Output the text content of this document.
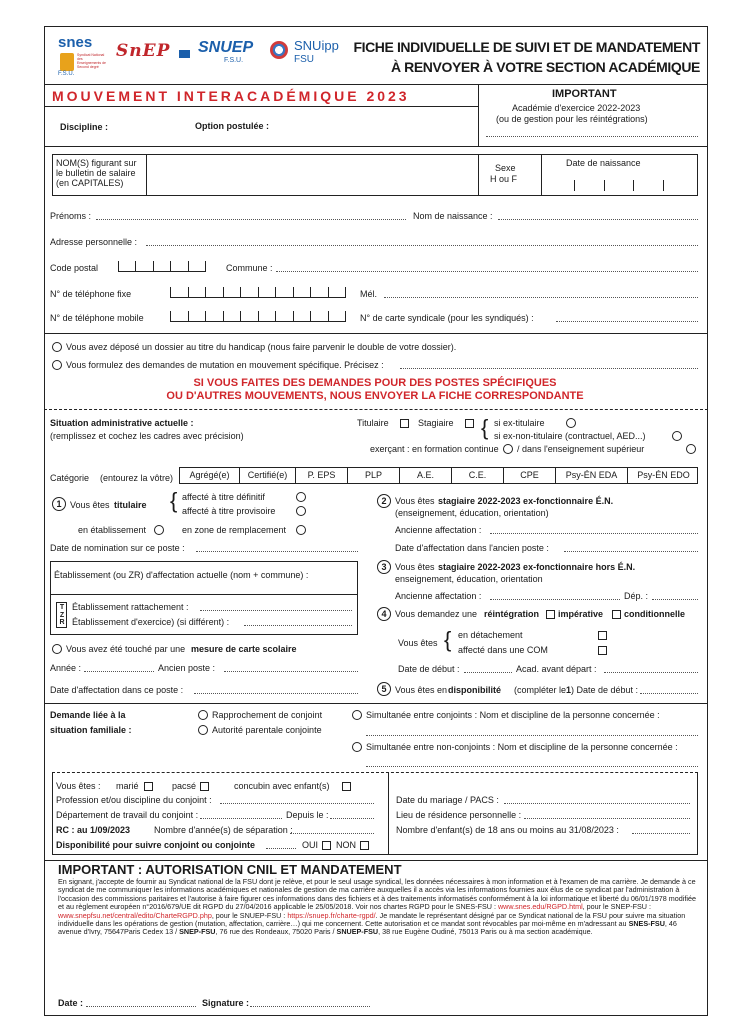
snes
F.S.U.
Syndicat National des Enseignements de Second degré
SnEP SNUEP
F.S.U.
SNUipp
FSU
FICHE INDIVIDUELLE DE SUIVI ET DE MANDATEMENT
À RENVOYER À VOTRE SECTION ACADÉMIQUE
MOUVEMENT INTERACADÉMIQUE 2023
Discipline :	Option postulée :
IMPORTANT
Académie d'exercice 2022-2023
(ou de gestion pour les réintégrations)
NOM(S) figurant sur
le bulletin de salaire
(en CAPITALES)
Sexe
H ou F
Date de naissance
Prénoms :	Nom de naissance :
Adresse personnelle :
Code postal	Commune :
N° de téléphone fixe	Mél.
N° de téléphone mobile	N° de carte syndicale (pour les syndiqués) :
Vous avez déposé un dossier au titre du handicap (nous faire parvenir le double de votre dossier).
Vous formulez des demandes de mutation en mouvement spécifique. Précisez :
SI VOUS FAITES DES DEMANDES POUR DES POSTES SPÉCIFIQUES
OU D'AUTRES MOUVEMENTS, NOUS ENVOYER LA FICHE CORRESPONDANTE
Situation administrative actuelle :
(remplissez et cochez les cadres avec précision)
Titulaire	Stagiaire { si ex-titulaire
si ex-non-titulaire (contractuel, AED...)
exerçant : en formation continue / dans l'enseignement supérieur
Catégorie (entourez la vôtre)	Agrégé(e)	Certifié(e)	P. EPS	PLP	A.E.	C.E.	CPE	Psy-ÉN EDA	Psy-ÉN EDO
1 Vous êtes titulaire { affecté à titre définitif
affecté à titre provisoire
en établissement	en zone de remplacement
Date de nomination sur ce poste :
Établissement (ou ZR) d'affectation actuelle (nom + commune) :
TZR
Établissement rattachement :
Établissement d'exercice) (si différent) :
Vous avez été touché par une mesure de carte scolaire
Année :	Ancien poste :
Date d'affectation dans ce poste :
2 Vous êtes stagiaire 2022-2023 ex-fonctionnaire É.N.
(enseignement, éducation, orientation)
Ancienne affectation :
Date d'affectation dans l'ancien poste :
3 Vous êtes stagiaire 2022-2023 ex-fonctionnaire hors É.N.
enseignement, éducation, orientation
Ancienne affectation :	Dép. :
4 Vous demandez une réintégration impérative conditionnelle
Vous êtes { en détachement
affecté dans une COM
Date de début :	Acad. avant départ :
5 Vous êtes en disponibilité (compléter le 1 ) Date de début :
Demande liée à la
situation familiale :
Rapprochement de conjoint
Autorité parentale conjointe
Simultanée entre conjoints : Nom et discipline de la personne concernée :
Simultanée entre non-conjoints : Nom et discipline de la personne concernée :
Vous êtes : marié	pacsé	concubin avec enfant(s)
Profession et/ou discipline du conjoint :
Département de travail du conjoint :	Depuis le :
RC : au 1/09/2023	Nombre d'année(s) de séparation :
Disponibilité pour suivre conjoint ou conjointe	OUI NON
Date du mariage / PACS :
Lieu de résidence personnelle :
Nombre d'enfant(s) de 18 ans ou moins au 31/08/2023 :
IMPORTANT : AUTORISATION CNIL ET MANDATEMENT
En signant, j'accepte de fournir au Syndicat national de la FSU dont je relève, et pour le seul usage syndical, les données nécessaires à mon information et à l'examen de ma carrière. Je demande à ce syndicat de me communiquer les informations académiques et nationales de gestion de ma carrière auxquelles il a accès via les informations fournies aux élus de ce syndicat par l'administration à l'occasion des commissions paritaires et l'autorise à faire figurer ces informations dans des fichiers et à des traitements informatisés conformément à la loi informatique et liberté du 06/01/1978 modifiée et au règlement européen n°2016/679/UE dit RGPD du 27/04/2016 applicable le 25/05/2018. Voir nos chartes RGPD pour le SNES-FSU : www.snes.edu/RGPD.html, pour le SNEP-FSU : www.snepfsu.net/central/edito/CharteRGPD.php, pour le SNUEP-FSU : https://snuep.fr/charte-rgpd/. Je mandate le représentant désigné par ce Syndicat national de la FSU pour suivre ma situation individuelle dans les opérations de gestion (mutation, affectation, carrière…) qui me concernent. Cette autorisation et ce mandat sont révocables par moi-même en m'adressant au SNES-FSU, 46 avenue d'Ivry, 75647Paris Cedex 13 / SNEP-FSU, 76 rue des Rondeaux, 75020 Paris / SNUEP-FSU, 38 rue Eugène Oudiné, 75013 Paris ou à ma section académique.
Date :	Signature :
